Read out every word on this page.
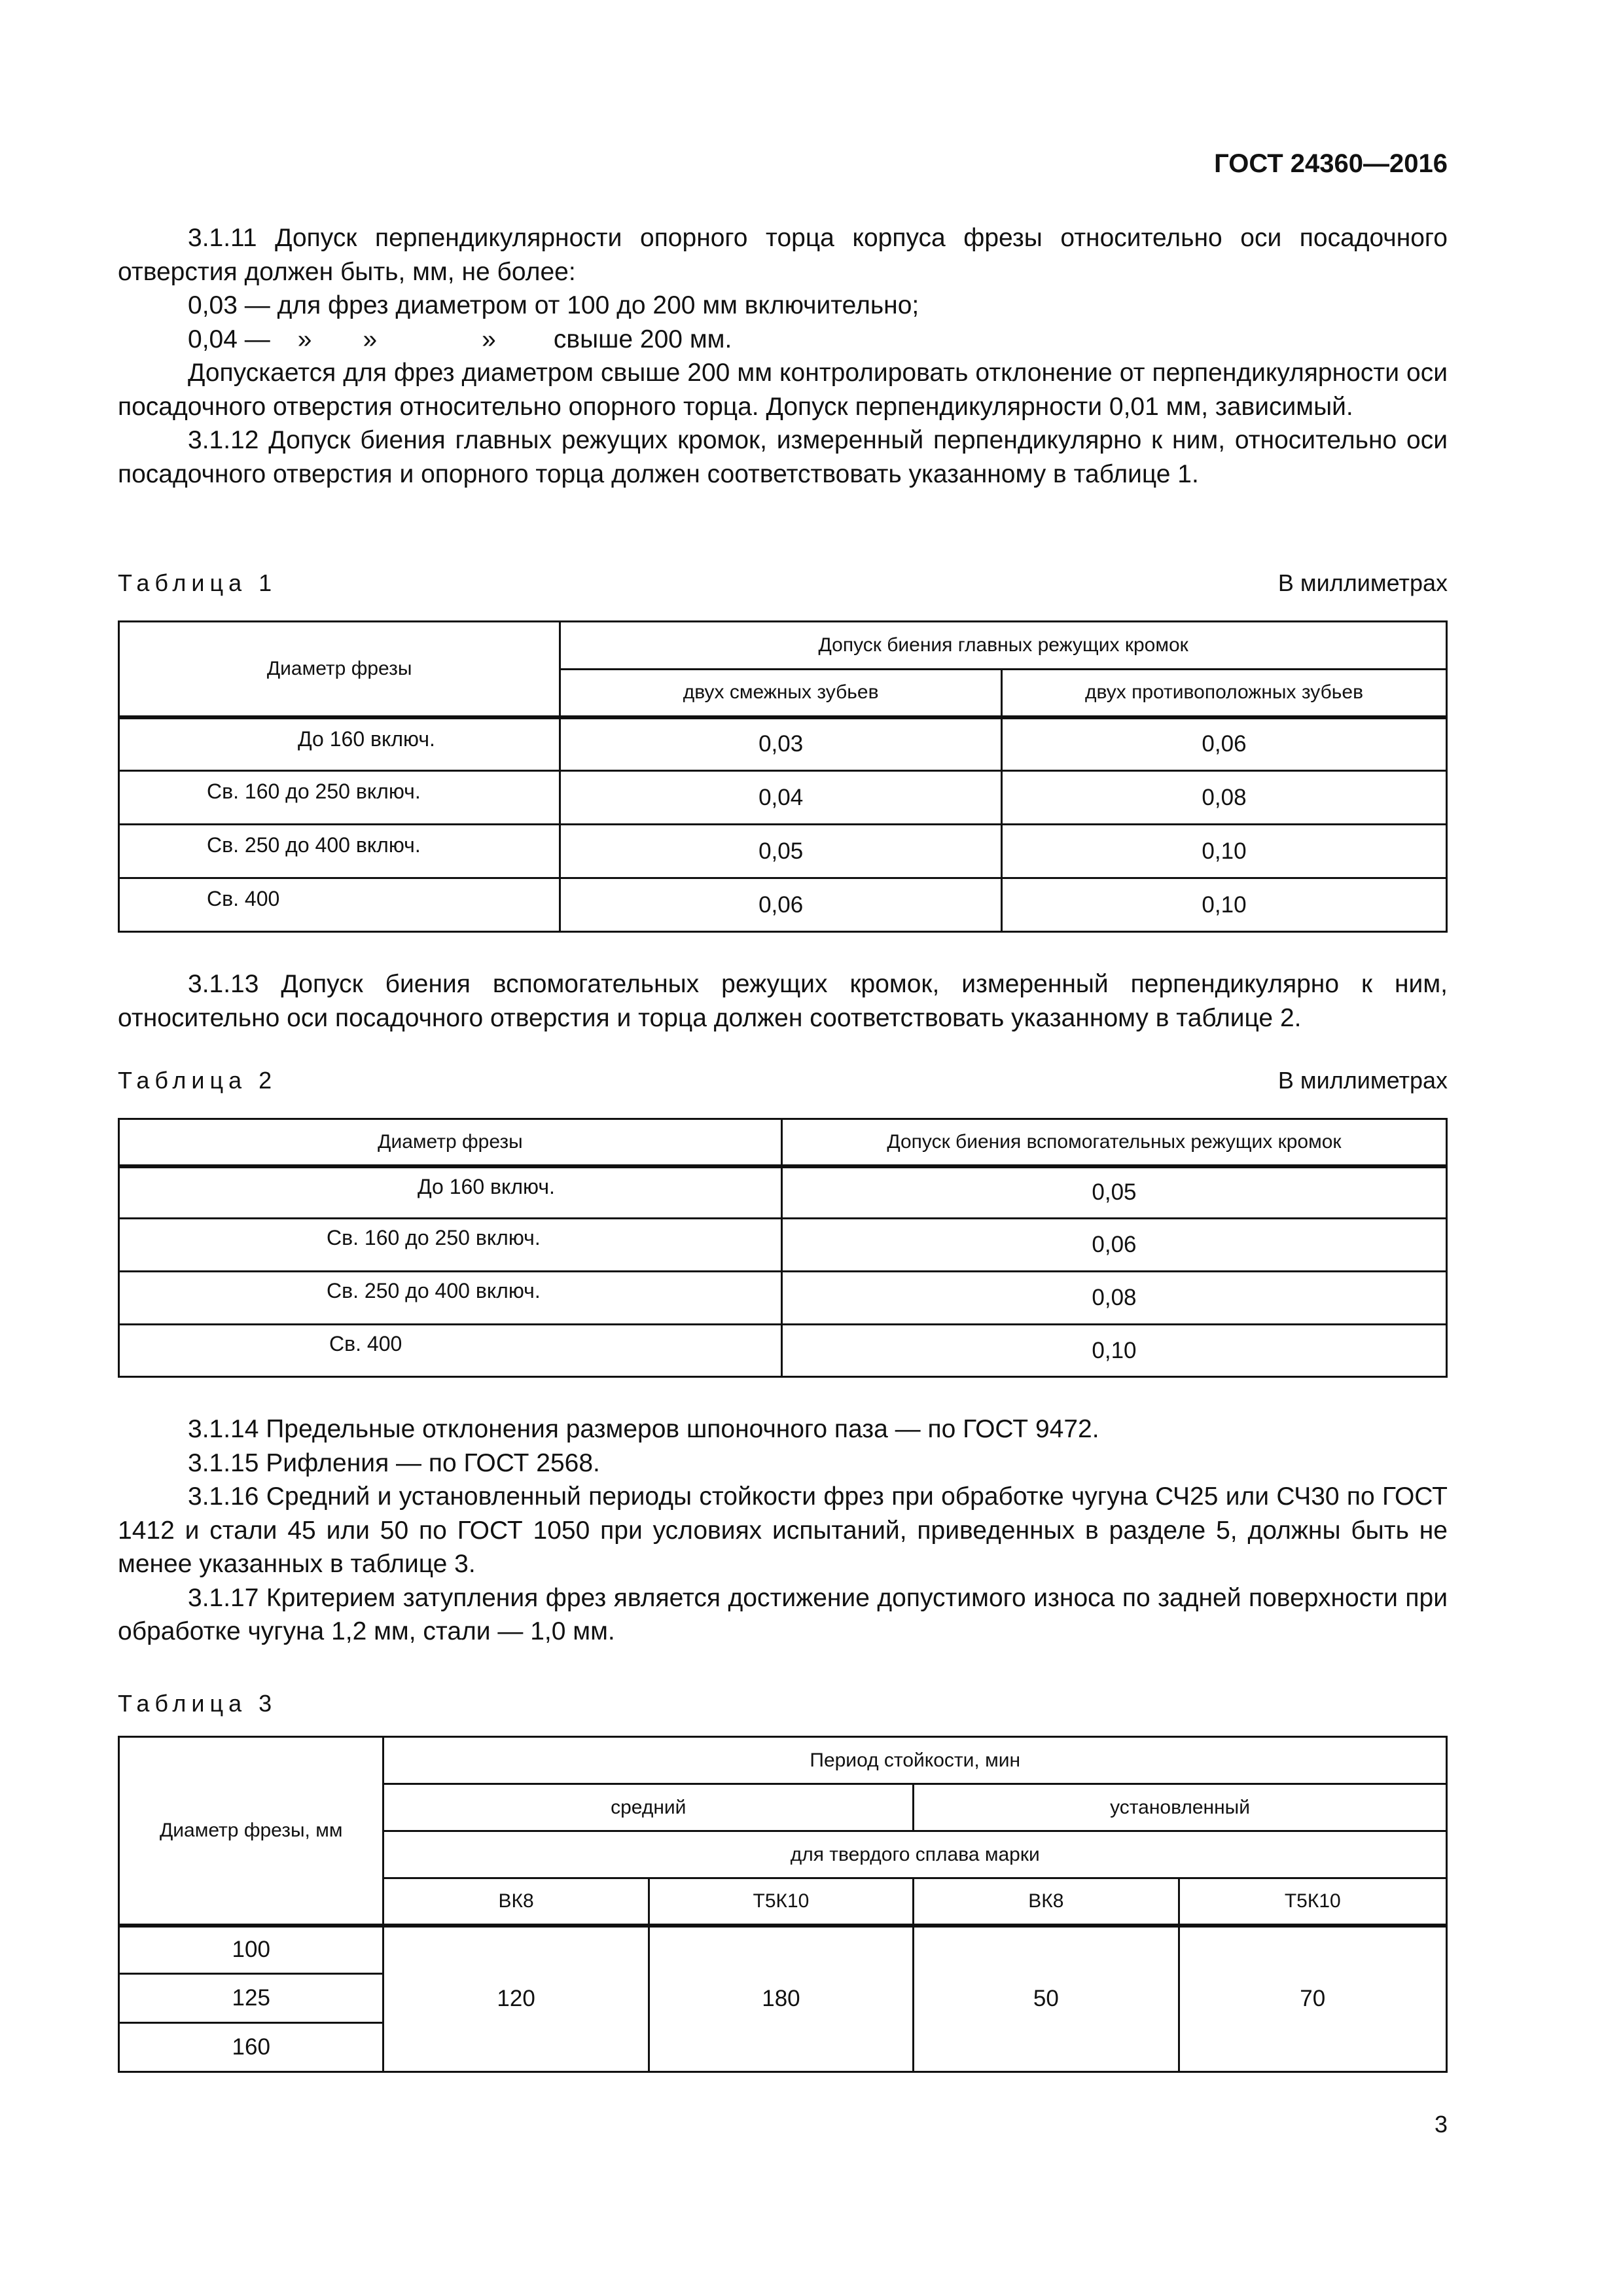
ГОСТ 24360—2016

3.1.11 Допуск перпендикулярности опорного торца корпуса фрезы относительно оси посадочного отверстия должен быть, мм, не более:

0,03 — для фрез диаметром от 100 до 200 мм включительно;

0,04 — » »	» свыше 200 мм.

Допускается для фрез диаметром свыше 200 мм контролировать отклонение от перпендикулярности оси посадочного отверстия относительно опорного торца. Допуск перпендикулярности 0,01 мм, зависимый.

3.1.12 Допуск биения главных режущих кромок, измеренный перпендикулярно к ним, относительно оси посадочного отверстия и опорного торца должен соответствовать указанному в таблице 1.

Таблица 1	В миллиметрах
Диаметр фрезы	Допуск биения главных режущих кромок	
	двух смежных зубьев	двух противоположных зубьев
До 160 включ.	0,03	0,06
Св. 160 до 250 включ.	0,04	0,08
Св. 250 до 400 включ.	0,05	0,10
Св. 400	0,06	0,10

3.1.13 Допуск биения вспомогательных режущих кромок, измеренный перпендикулярно к ним, относительно оси посадочного отверстия и торца должен соответствовать указанному в таблице 2.

Таблица 2	В миллиметрах
Диаметр фрезы	Допуск биения вспомогательных режущих кромок
До 160 включ.	0,05
Св. 160 до 250 включ.	0,06
Св. 250 до 400 включ.	0,08
Св. 400	0,10

3.1.14 Предельные отклонения размеров шпоночного паза — по ГОСТ 9472.

3.1.15 Рифления — по ГОСТ 2568.

3.1.16 Средний и установленный периоды стойкости фрез при обработке чугуна СЧ25 или СЧ30 по ГОСТ 1412 и стали 45 или 50 по ГОСТ 1050 при условиях испытаний, приведенных в разделе 5, должны быть не менее указанных в таблице 3.

3.1.17 Критерием затупления фрез является достижение допустимого износа по задней поверхности при обработке чугуна 1,2 мм, стали — 1,0 мм.

Таблица 3
Диаметр фрезы, мм	Период стойкости, мин			
	средний		установленный	
	для твердого сплава марки			
	ВК8	Т5К10	ВК8	Т5К10
100	120	180	50	70
125				
160				
3
